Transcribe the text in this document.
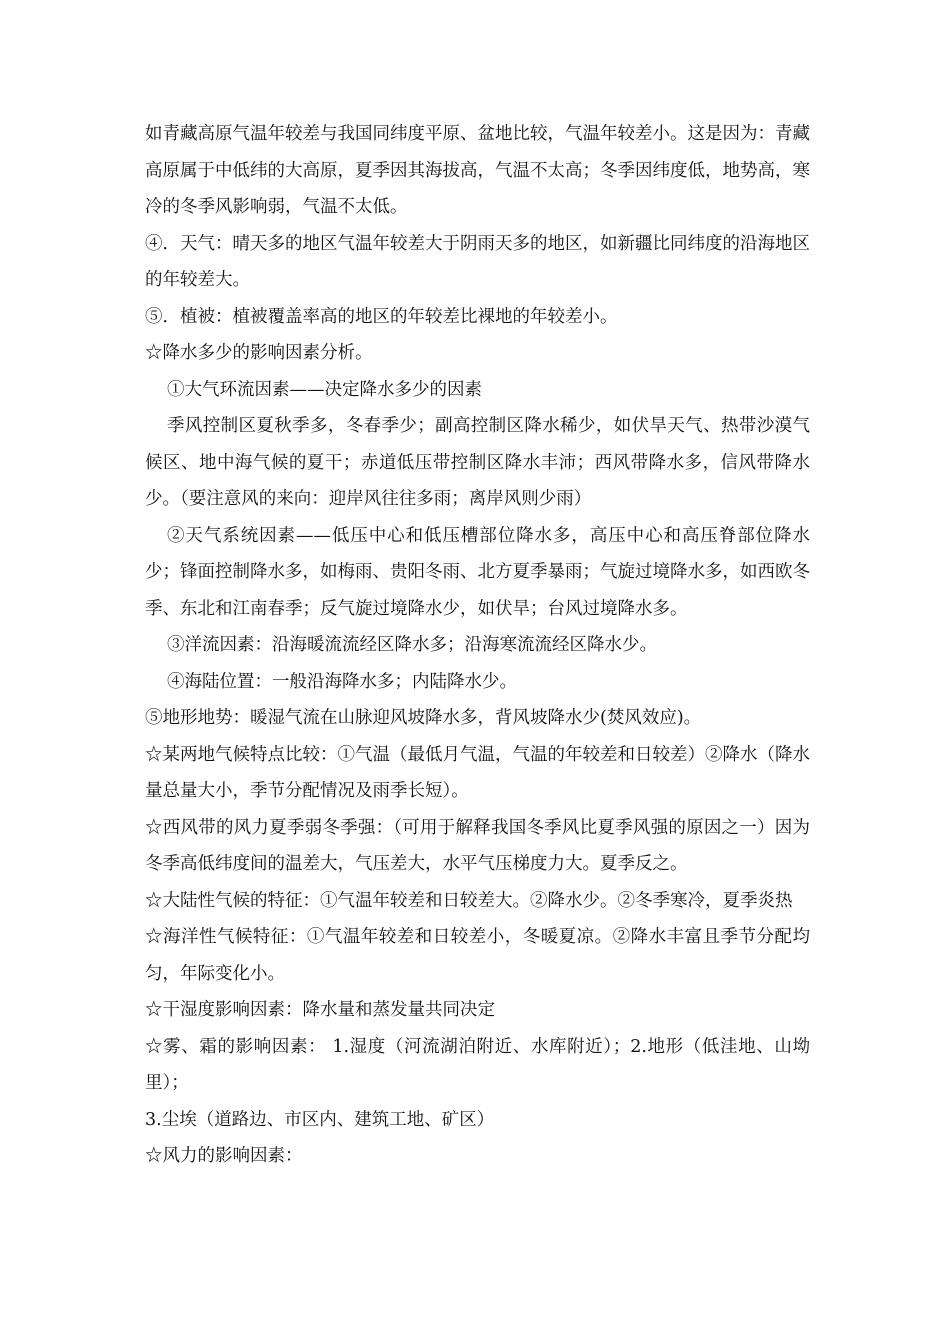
如青藏高原气温年较差与我国同纬度平原、盆地比较，气温年较差小。这是因为：青藏高原属于中低纬的大高原，夏季因其海拔高，气温不太高；冬季因纬度低，地势高，寒冷的冬季风影响弱，气温不太低。

④．天气：晴天多的地区气温年较差大于阴雨天多的地区，如新疆比同纬度的沿海地区的年较差大。

⑤．植被：植被覆盖率高的地区的年较差比裸地的年较差小。

☆降水多少的影响因素分析。

①大气环流因素——决定降水多少的因素

季风控制区夏秋季多，冬春季少；副高控制区降水稀少，如伏旱天气、热带沙漠气候区、地中海气候的夏干；赤道低压带控制区降水丰沛；西风带降水多，信风带降水少。（要注意风的来向：迎岸风往往多雨；离岸风则少雨）

②天气系统因素——低压中心和低压槽部位降水多，高压中心和高压脊部位降水少；锋面控制降水多，如梅雨、贵阳冬雨、北方夏季暴雨；气旋过境降水多，如西欧冬季、东北和江南春季；反气旋过境降水少，如伏旱；台风过境降水多。

③洋流因素：沿海暖流流经区降水多；沿海寒流流经区降水少。

④海陆位置：一般沿海降水多；内陆降水少。

⑤地形地势：暖湿气流在山脉迎风坡降水多，背风坡降水少(焚风效应)。

☆某两地气候特点比较：①气温（最低月气温，气温的年较差和日较差）②降水（降水量总量大小，季节分配情况及雨季长短）。

☆西风带的风力夏季弱冬季强：（可用于解释我国冬季风比夏季风强的原因之一）因为冬季高低纬度间的温差大，气压差大，水平气压梯度力大。夏季反之。

☆大陆性气候的特征：①气温年较差和日较差大。②降水少。②冬季寒冷，夏季炎热

☆海洋性气候特征：①气温年较差和日较差小，冬暖夏凉。②降水丰富且季节分配均匀，年际变化小。

☆干湿度影响因素：降水量和蒸发量共同决定

☆雾、霜的影响因素： 1.湿度（河流湖泊附近、水库附近）；2.地形（低洼地、山坳里）；

3.尘埃（道路边、市区内、建筑工地、矿区）

☆风力的影响因素：
